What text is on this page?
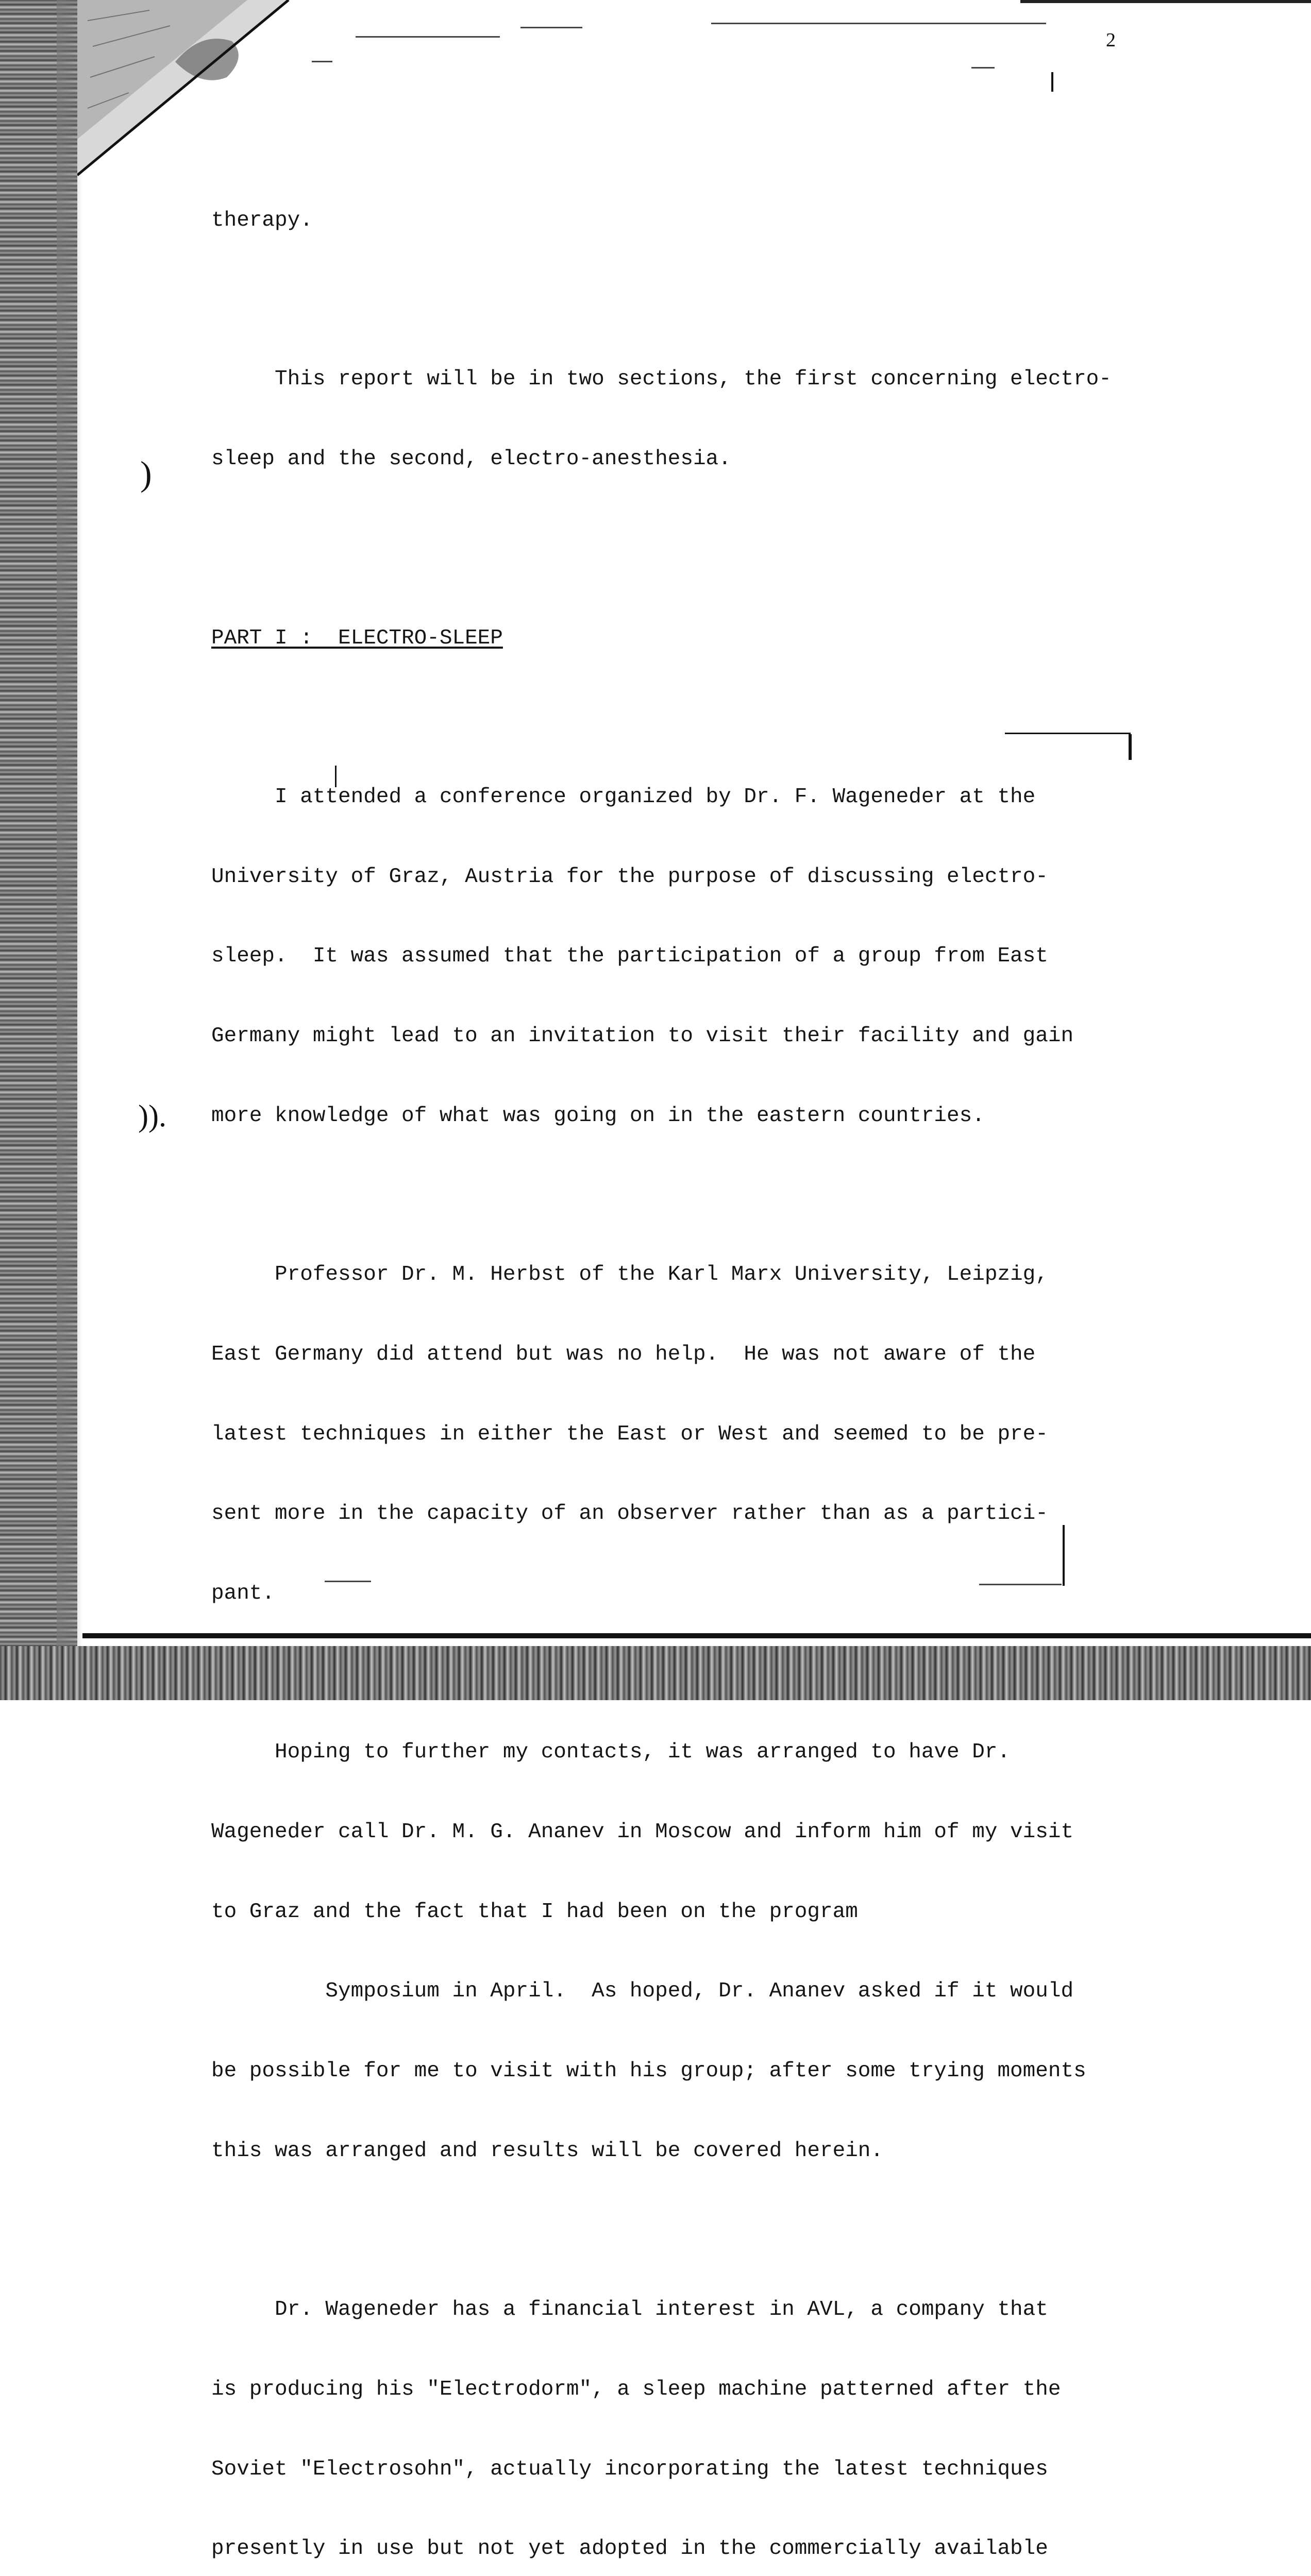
2
)
)).

therapy.

This report will be in two sections, the first concerning electro-

sleep and the second, electro-anesthesia.

PART I :  ELECTRO-SLEEP

I attended a conference organized by Dr. F. Wageneder at the

University of Graz, Austria for the purpose of discussing electro-

sleep.  It was assumed that the participation of a group from East

Germany might lead to an invitation to visit their facility and gain

more knowledge of what was going on in the eastern countries.

Professor Dr. M. Herbst of the Karl Marx University, Leipzig,

East Germany did attend but was no help.  He was not aware of the

latest techniques in either the East or West and seemed to be pre-

sent more in the capacity of an observer rather than as a partici-

pant.

Hoping to further my contacts, it was arranged to have Dr.

Wageneder call Dr. M. G. Ananev in Moscow and inform him of my visit

to Graz and the fact that I had been on the program

Symposium in April.  As hoped, Dr. Ananev asked if it would

be possible for me to visit with his group; after some trying moments

this was arranged and results will be covered herein.

Dr. Wageneder has a financial interest in AVL, a company that

is producing his "Electrodorm", a sleep machine patterned after the

Soviet "Electrosohn", actually incorporating the latest techniques

presently in use but not yet adopted in the commercially available
